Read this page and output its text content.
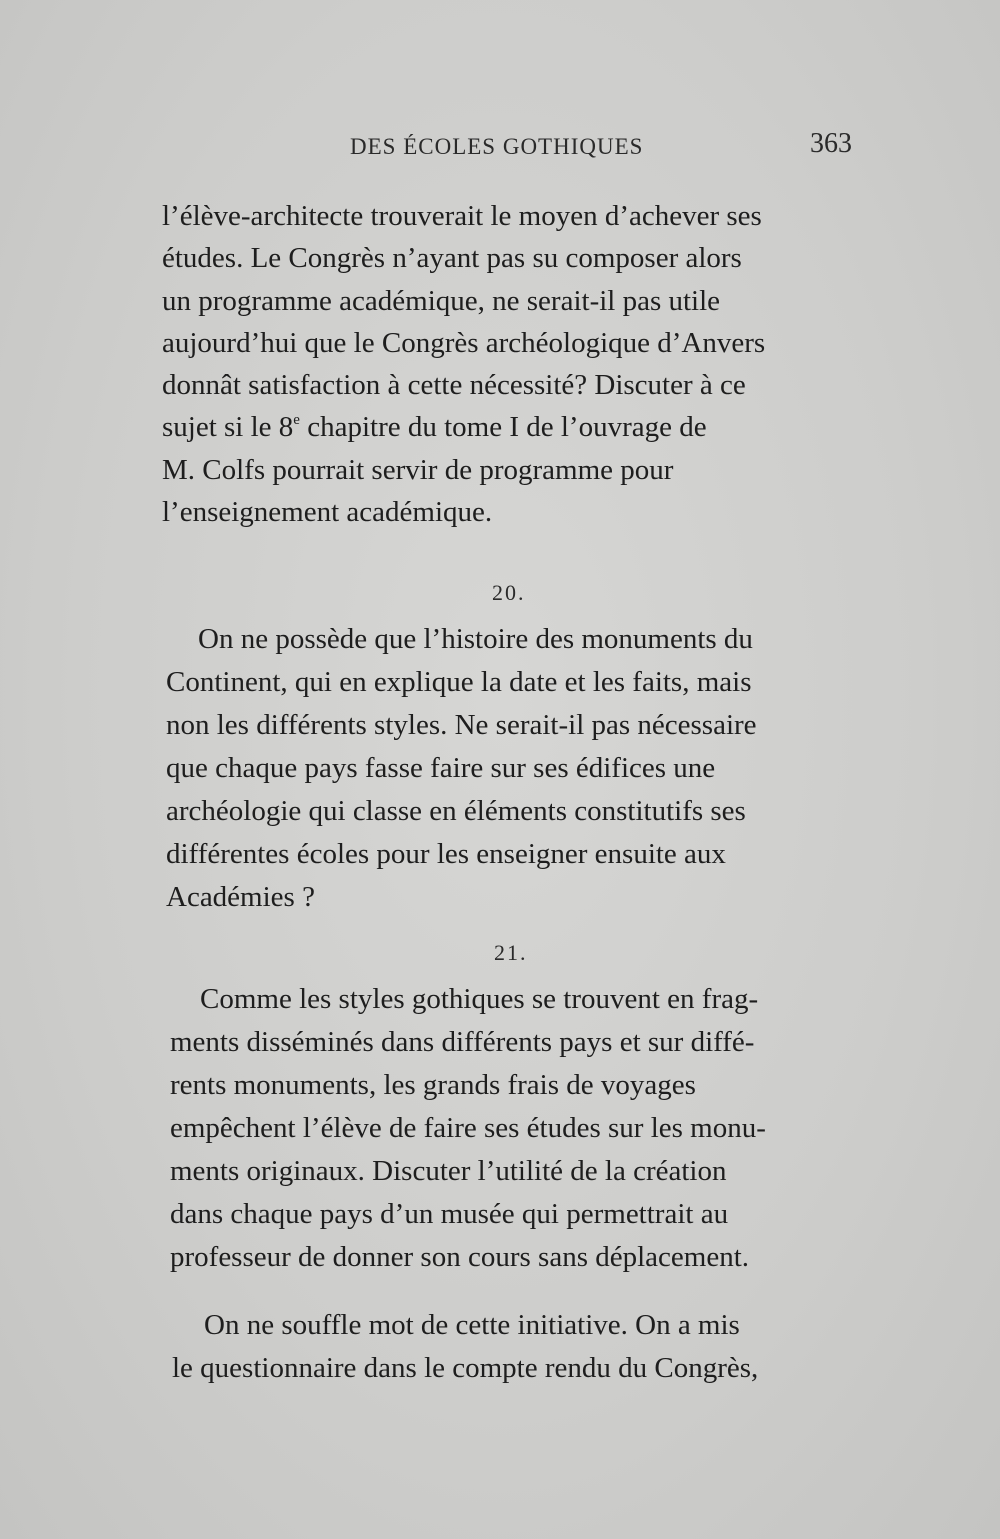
DES ÉCOLES GOTHIQUES	363
l’élève-architecte trouverait le moyen d’achever ses
études. Le Congrès n’ayant pas su composer alors
un programme académique, ne serait-il pas utile
aujourd’hui que le Congrès archéologique d’Anvers
donnât satisfaction à cette nécessité? Discuter à ce
sujet si le 8e chapitre du tome I de l’ouvrage de
M. Colfs pourrait servir de programme pour
l’enseignement académique.
20.
On ne possède que l’histoire des monuments du
Continent, qui en explique la date et les faits, mais
non les différents styles. Ne serait-il pas nécessaire
que chaque pays fasse faire sur ses édifices une
archéologie qui classe en éléments constitutifs ses
différentes écoles pour les enseigner ensuite aux
Académies ?
21.
Comme les styles gothiques se trouvent en frag-
ments disséminés dans différents pays et sur diffé-
rents monuments, les grands frais de voyages
empêchent l’élève de faire ses études sur les monu-
ments originaux. Discuter l’utilité de la création
dans chaque pays d’un musée qui permettrait au
professeur de donner son cours sans déplacement.
On ne souffle mot de cette initiative. On a mis
le questionnaire dans le compte rendu du Congrès,
